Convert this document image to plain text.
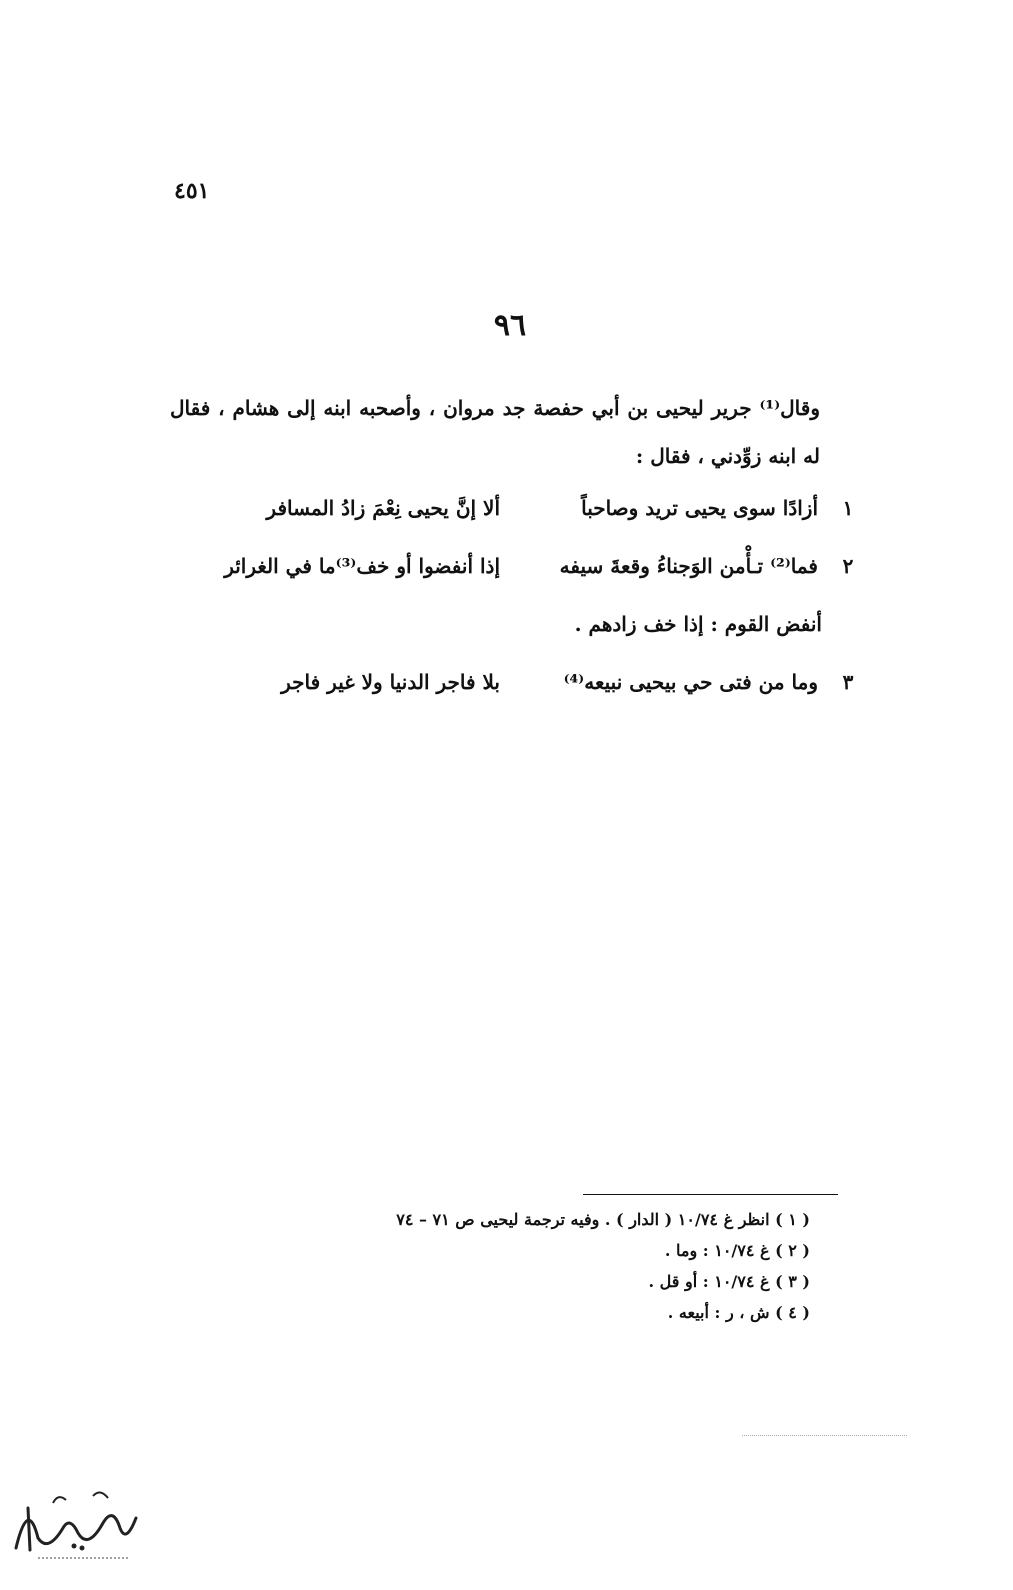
٤٥١
٩٦
وقال⁽¹⁾ جرير ليحيى بن أبي حفصة جد مروان ، وأصحبه ابنه إلى هشام ، فقال له ابنه زوِّدني ، فقال :
١
أزادًا سوى يحيى تريد وصاحباً
ألا إنَّ يحيى نِعْمَ زادُ المسافر
٢
فما⁽²⁾ تـأْمن الوَجناءُ وقعةَ سيفه
إذا أنفضوا أو خف⁽³⁾ما في الغرائر
أنفض القوم : إذا خف زادهم .
٣
وما من فتى حي بيحيى نبيعه⁽⁴⁾
بلا فاجر الدنيا ولا غير فاجر
( ١ ) انظر غ ١٠/٧٤ ( الدار ) . وفيه ترجمة ليحيى ص ٧١ – ٧٤
( ٢ ) غ ١٠/٧٤ : وما .
( ٣ ) غ ١٠/٧٤ : أو قل .
( ٤ ) ش ، ر : أبيعه .
